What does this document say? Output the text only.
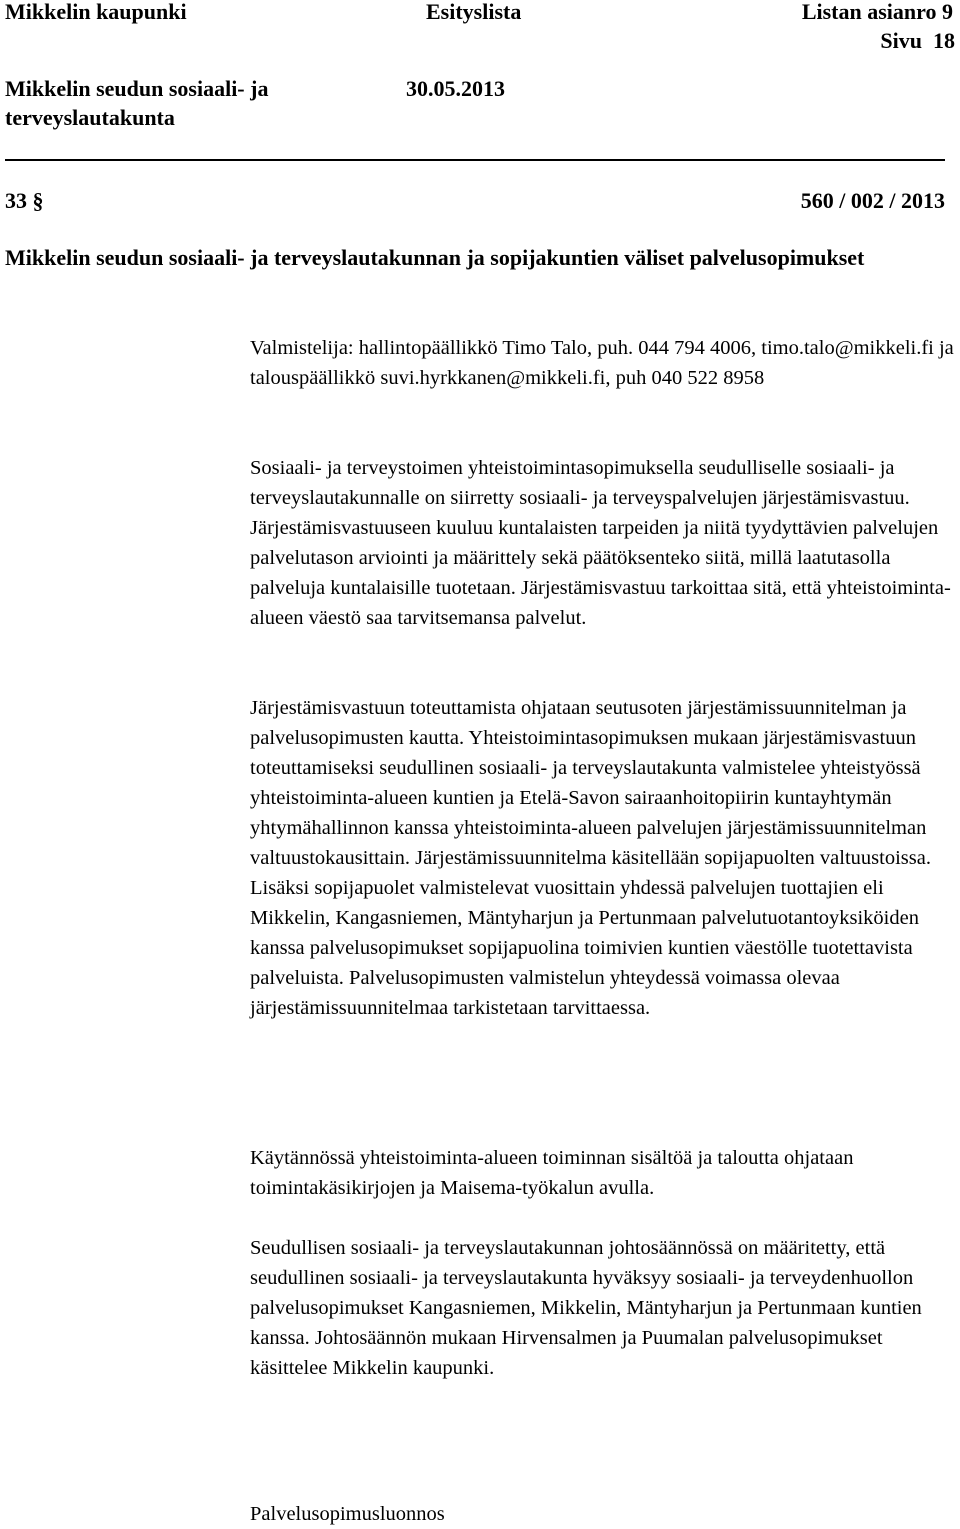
Mikkelin kaupunki	Esityslista	Listan asianro 9
Sivu  18
Mikkelin seudun sosiaali- ja
terveyslautakunta
30.05.2013
33 §	560 / 002 / 2013
Mikkelin seudun sosiaali- ja terveyslautakunnan ja sopijakuntien väliset palvelusopimukset

Valmistelija: hallintopäällikkö Timo Talo, puh. 044 794 4006, timo.talo@mikkeli.fi ja talouspäällikkö suvi.hyrkkanen@mikkeli.fi, puh 040 522 8958

Sosiaali- ja terveystoimen yhteistoimintasopimuksella seudulliselle sosiaali- ja terveyslautakunnalle on siirretty sosiaali- ja terveyspalvelujen järjestämisvastuu. Järjestämisvastuuseen kuuluu kuntalaisten tarpeiden ja niitä tyydyttävien palvelujen palvelutason arviointi ja määrittely sekä päätöksenteko siitä, millä laatutasolla palveluja kuntalaisille tuotetaan. Järjestämisvastuu tarkoittaa sitä, että yhteistoiminta-alueen väestö saa tarvitsemansa palvelut.

Järjestämisvastuun toteuttamista ohjataan seutusoten järjestämissuunnitelman ja palvelusopimusten kautta. Yhteistoimintasopimuksen mukaan järjestämisvastuun toteuttamiseksi seudullinen sosiaali- ja terveyslautakunta valmistelee yhteistyössä yhteistoiminta-alueen kuntien ja Etelä-Savon sairaanhoitopiirin kuntayhtymän yhtymähallinnon kanssa yhteistoiminta-alueen palvelujen järjestämissuunnitelman valtuustokausittain. Järjestämissuunnitelma käsitellään sopijapuolten valtuustoissa. Lisäksi sopijapuolet valmistelevat vuosittain yhdessä palvelujen tuottajien eli Mikkelin, Kangasniemen, Mäntyharjun ja Pertunmaan palvelutuotantoyksiköiden kanssa palvelusopimukset sopijapuolina toimivien kuntien väestölle tuotettavista palveluista. Palvelusopimusten valmistelun yhteydessä voimassa olevaa järjestämissuunnitelmaa tarkistetaan tarvittaessa.

Käytännössä yhteistoiminta-alueen toiminnan sisältöä ja taloutta ohjataan toimintakäsikirjojen ja Maisema-työkalun avulla.

Seudullisen sosiaali- ja terveyslautakunnan johtosäännössä on määritetty, että seudullinen sosiaali- ja terveyslautakunta hyväksyy sosiaali- ja terveydenhuollon palvelusopimukset Kangasniemen, Mikkelin, Mäntyharjun ja Pertunmaan kuntien kanssa. Johtosäännön mukaan Hirvensalmen ja Puumalan palvelusopimukset käsittelee Mikkelin kaupunki.

Palvelusopimusluonnos
